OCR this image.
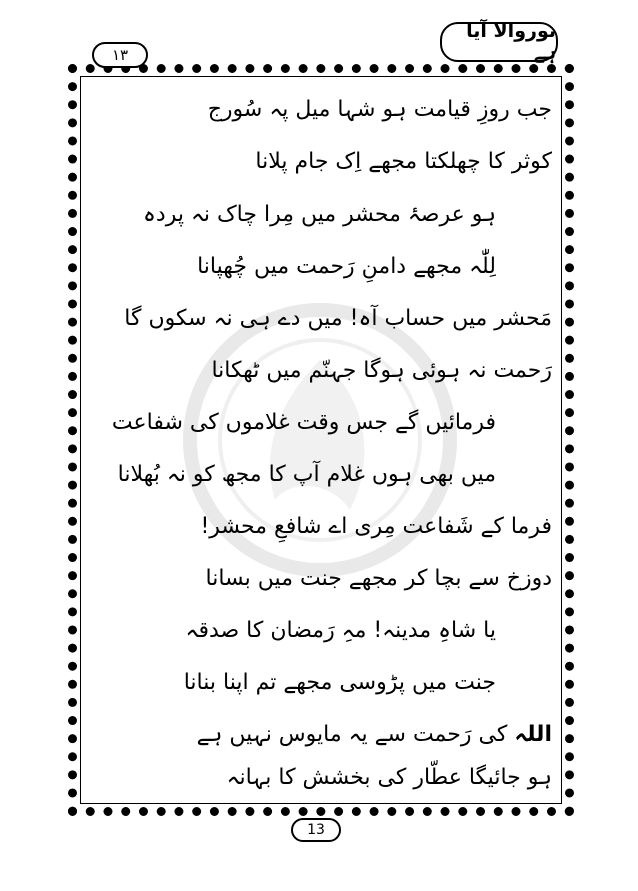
نوروالا آیا ہے
۱۳
جب روزِ قیامت ہو شہا میل پہ سُورج
کوثر کا چھلکتا مجھے اِک جام پلانا
ہو عرصۂ محشر میں مِرا چاک نہ پردہ
لِلّٰہ مجھے دامنِ رَحمت میں چُھپانا
مَحشر میں حساب آہ! میں دے ہی نہ سکوں گا
رَحمت نہ ہوئی ہوگا جہنّم میں ٹھکانا
فرمائیں گے جس وقت غلاموں کی شفاعت
میں بھی ہوں غلام آپ کا مجھ کو نہ بُھلانا
فرما کے شَفاعت مِری اے شافعِ محشر!
دوزخ سے بچا کر مجھے جنت میں بسانا
یا شاہِ مدینہ! مہِ رَمضان کا صدقہ
جنت میں پڑوسی مجھے تم اپنا بنانا
اللہ کی رَحمت سے یہ مایوس نہیں ہے
ہو جائیگا عطّار کی بخشش کا بہانہ
13
